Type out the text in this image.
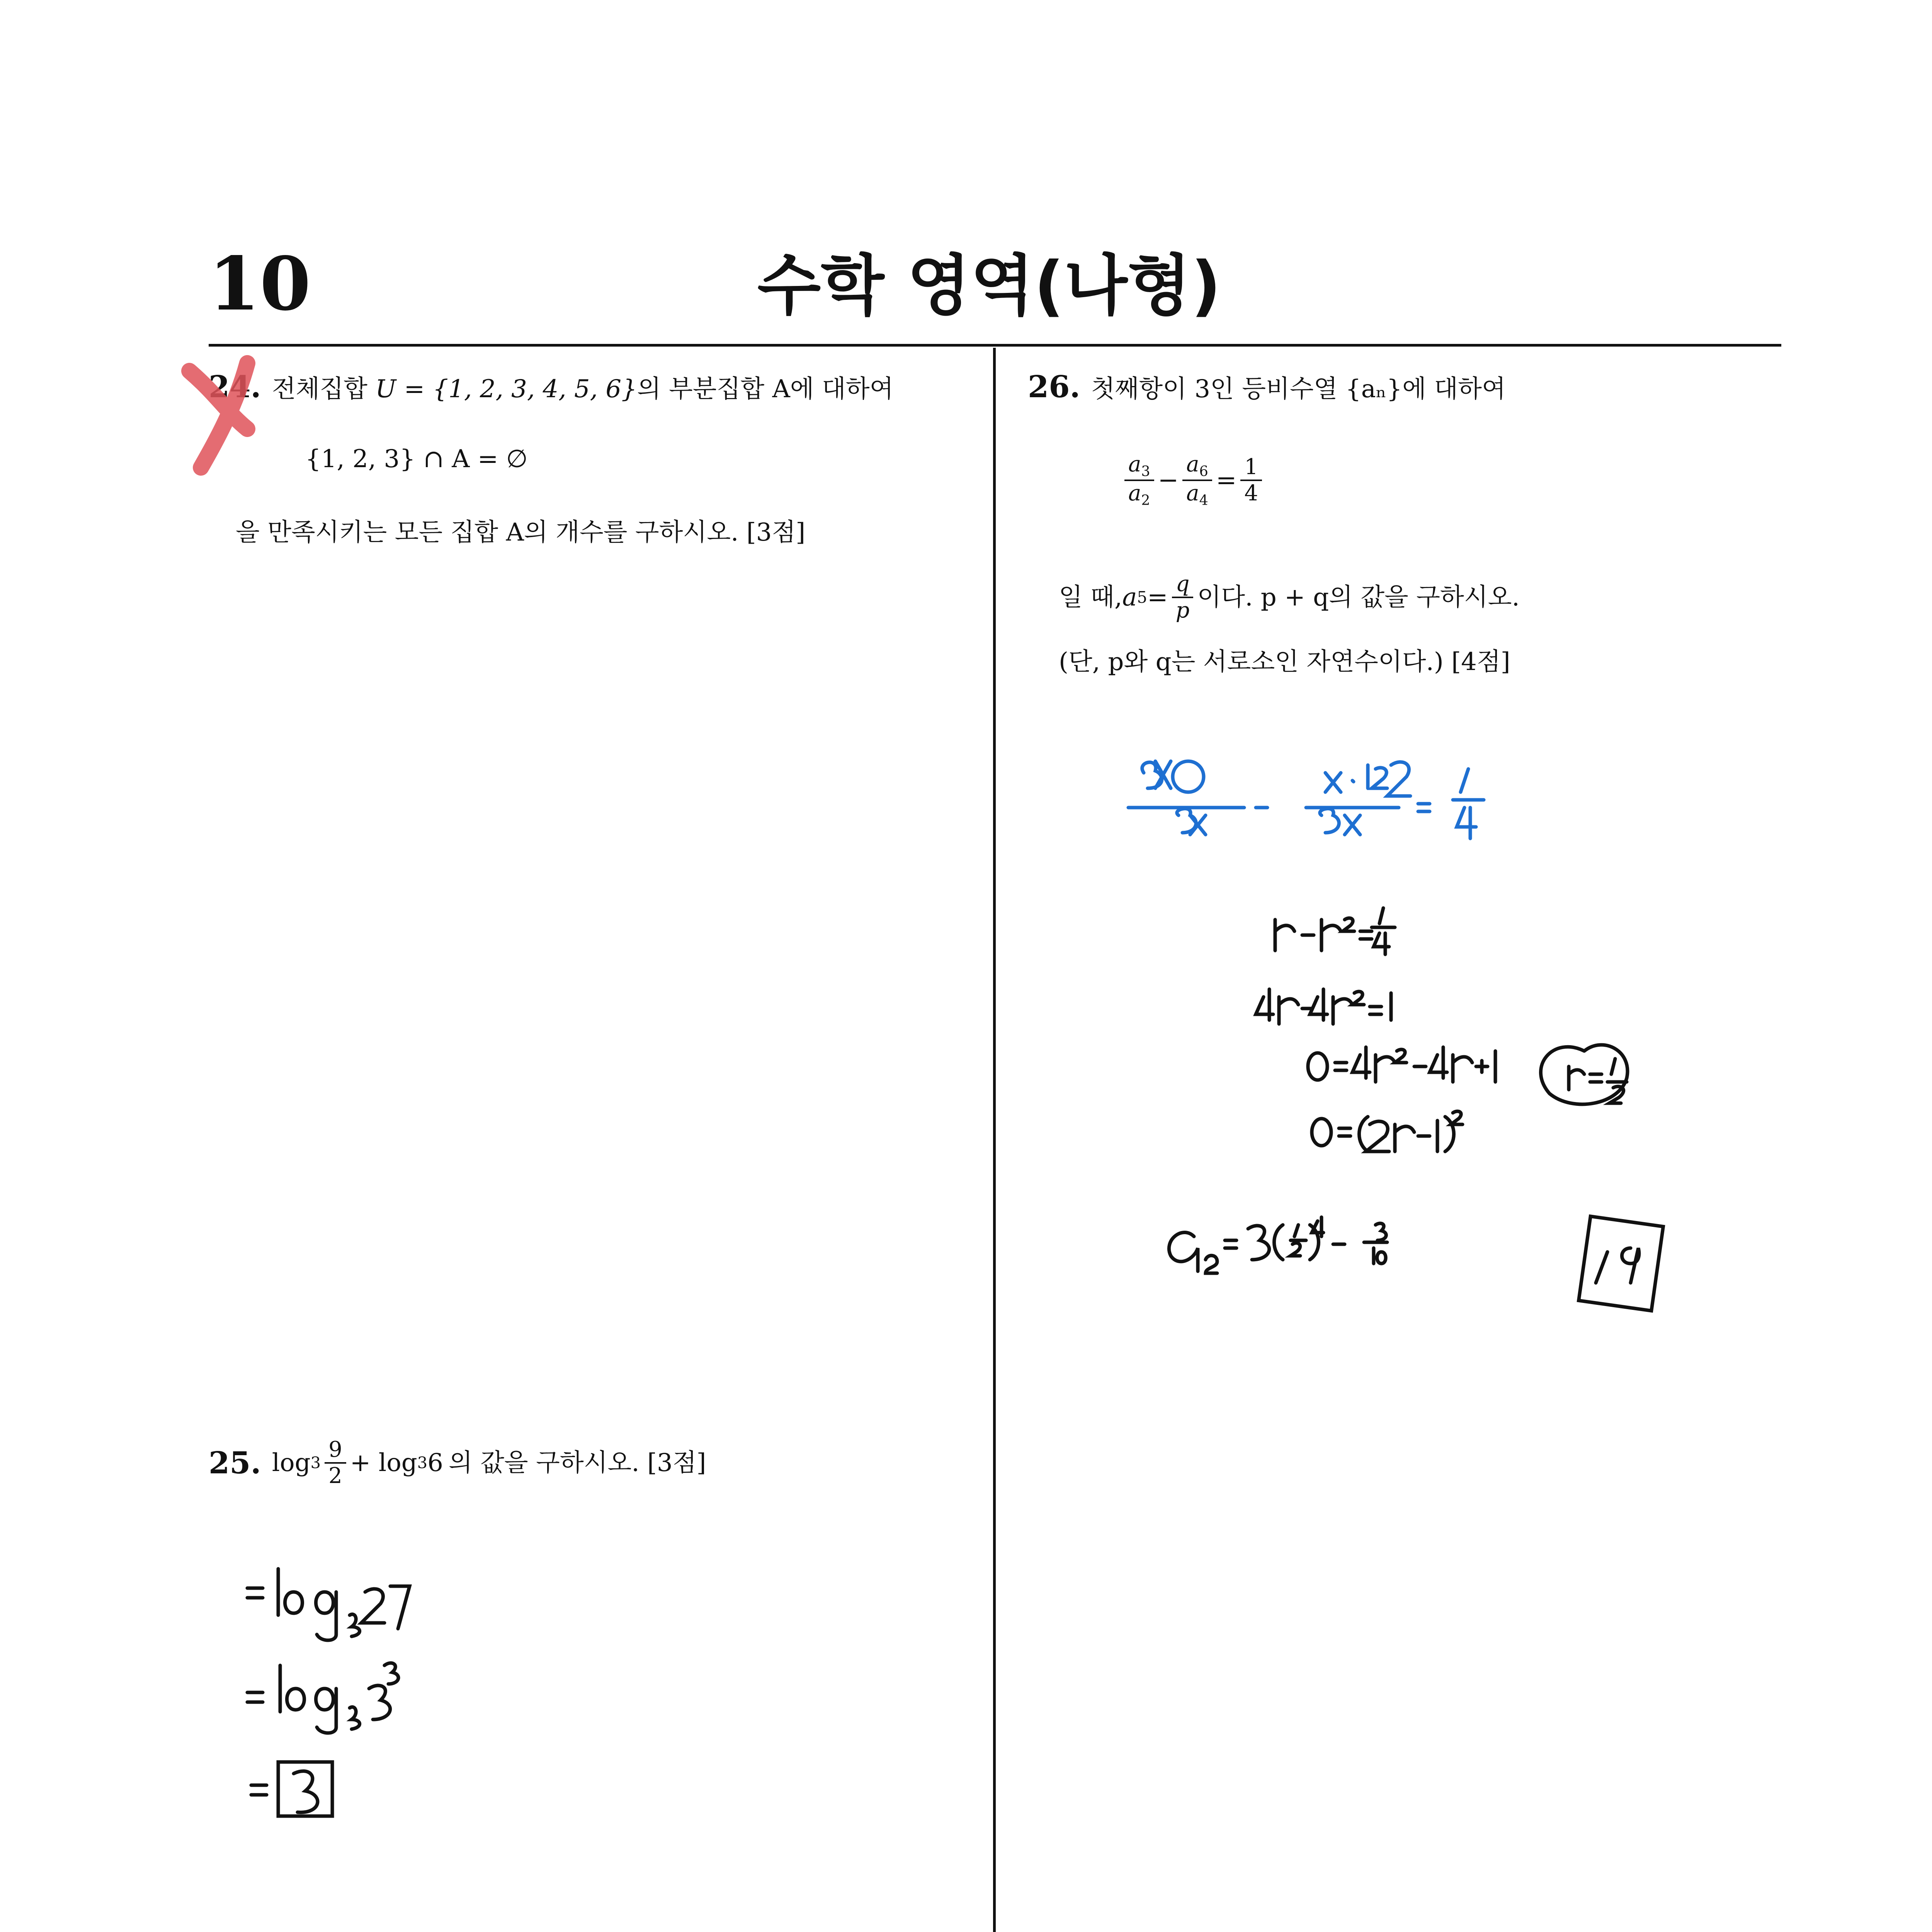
10	수학 영역(나형)
24. 전체집합 U = {1, 2, 3, 4, 5, 6}의 부분집합 A에 대하여
{1, 2, 3} ∩ A = ∅
을 만족시키는 모든 집합 A의 개수를 구하시오. [3점]
25. $\log 3 \frac{9}{2} + \log 3$ 6 의 값을 구하시오. [3점]
26. 첫째항이 3인 등비수열 {aₙ}에 대하여
$\frac{a_3}{a_2} - \frac{a_6}{a_4} = \frac{1}{4}$
일 때, a $5 = \frac{q}{p}$ 이다. p + q의 값을 구하시오.
(단, p와 q는 서로소인 자연수이다.) [4점]
